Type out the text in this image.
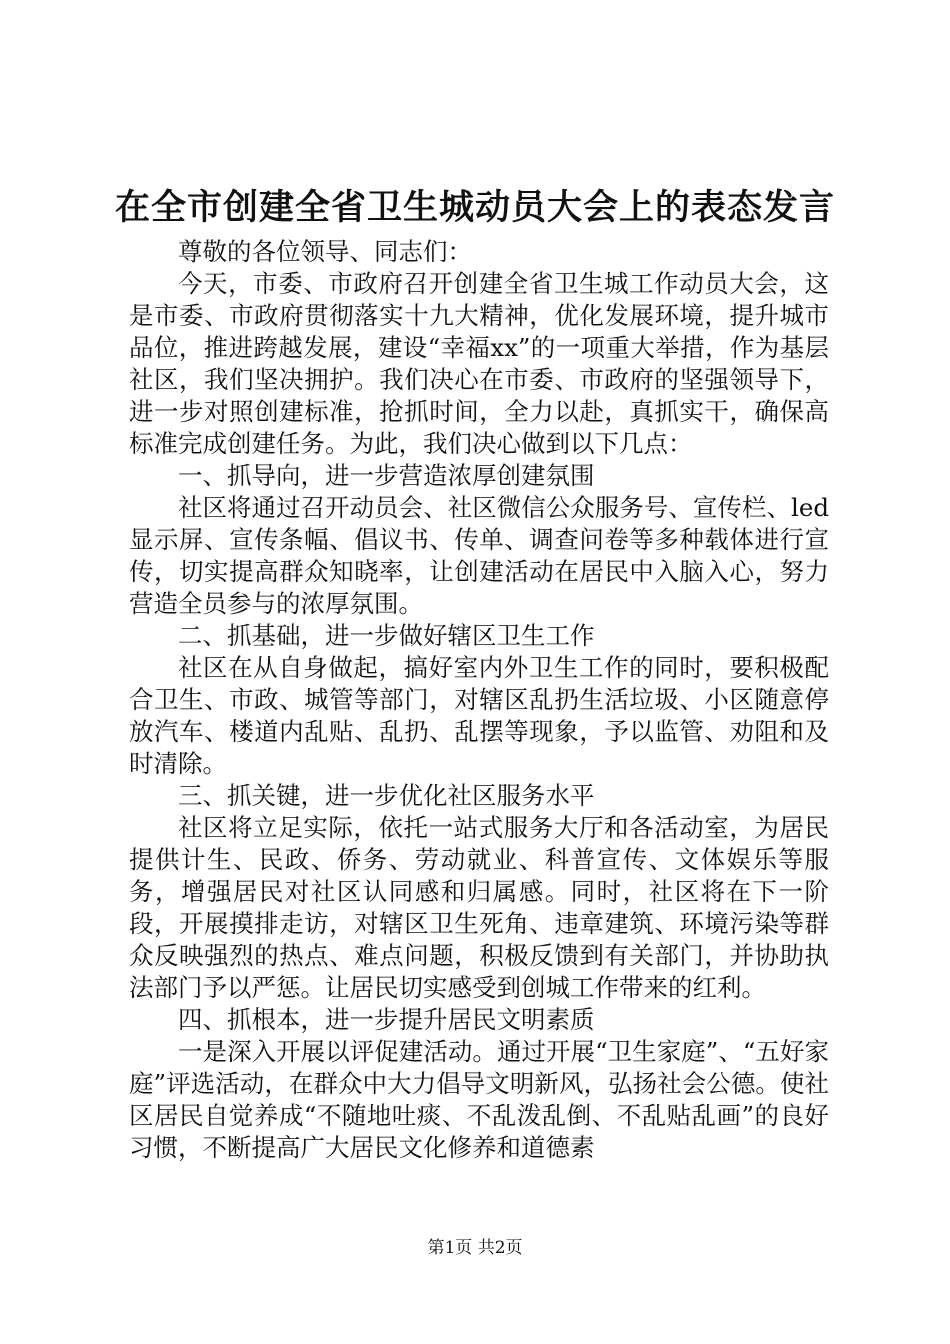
在全市创建全省卫生城动员大会上的表态发言

尊敬的各位领导、同志们：

今天，市委、市政府召开创建全省卫生城工作动员大会，这是市委、市政府贯彻落实十九大精神，优化发展环境，提升城市品位，推进跨越发展，建设“幸福xx”的一项重大举措，作为基层社区，我们坚决拥护。我们决心在市委、市政府的坚强领导下，进一步对照创建标准，抢抓时间，全力以赴，真抓实干，确保高标准完成创建任务。为此，我们决心做到以下几点：

一、抓导向，进一步营造浓厚创建氛围

社区将通过召开动员会、社区微信公众服务号、宣传栏、led显示屏、宣传条幅、倡议书、传单、调查问卷等多种载体进行宣传，切实提高群众知晓率，让创建活动在居民中入脑入心，努力营造全员参与的浓厚氛围。

二、抓基础，进一步做好辖区卫生工作

社区在从自身做起，搞好室内外卫生工作的同时，要积极配合卫生、市政、城管等部门，对辖区乱扔生活垃圾、小区随意停放汽车、楼道内乱贴、乱扔、乱摆等现象，予以监管、劝阻和及时清除。

三、抓关键，进一步优化社区服务水平

社区将立足实际，依托一站式服务大厅和各活动室，为居民提供计生、民政、侨务、劳动就业、科普宣传、文体娱乐等服务，增强居民对社区认同感和归属感。同时，社区将在下一阶段，开展摸排走访，对辖区卫生死角、违章建筑、环境污染等群众反映强烈的热点、难点问题，积极反馈到有关部门，并协助执法部门予以严惩。让居民切实感受到创城工作带来的红利。

四、抓根本，进一步提升居民文明素质

一是深入开展以评促建活动。通过开展“卫生家庭”、“五好家庭”评选活动，在群众中大力倡导文明新风，弘扬社会公德。使社区居民自觉养成“不随地吐痰、不乱泼乱倒、不乱贴乱画”的良好习惯，不断提高广大居民文化修养和道德素

第1页 共2页
